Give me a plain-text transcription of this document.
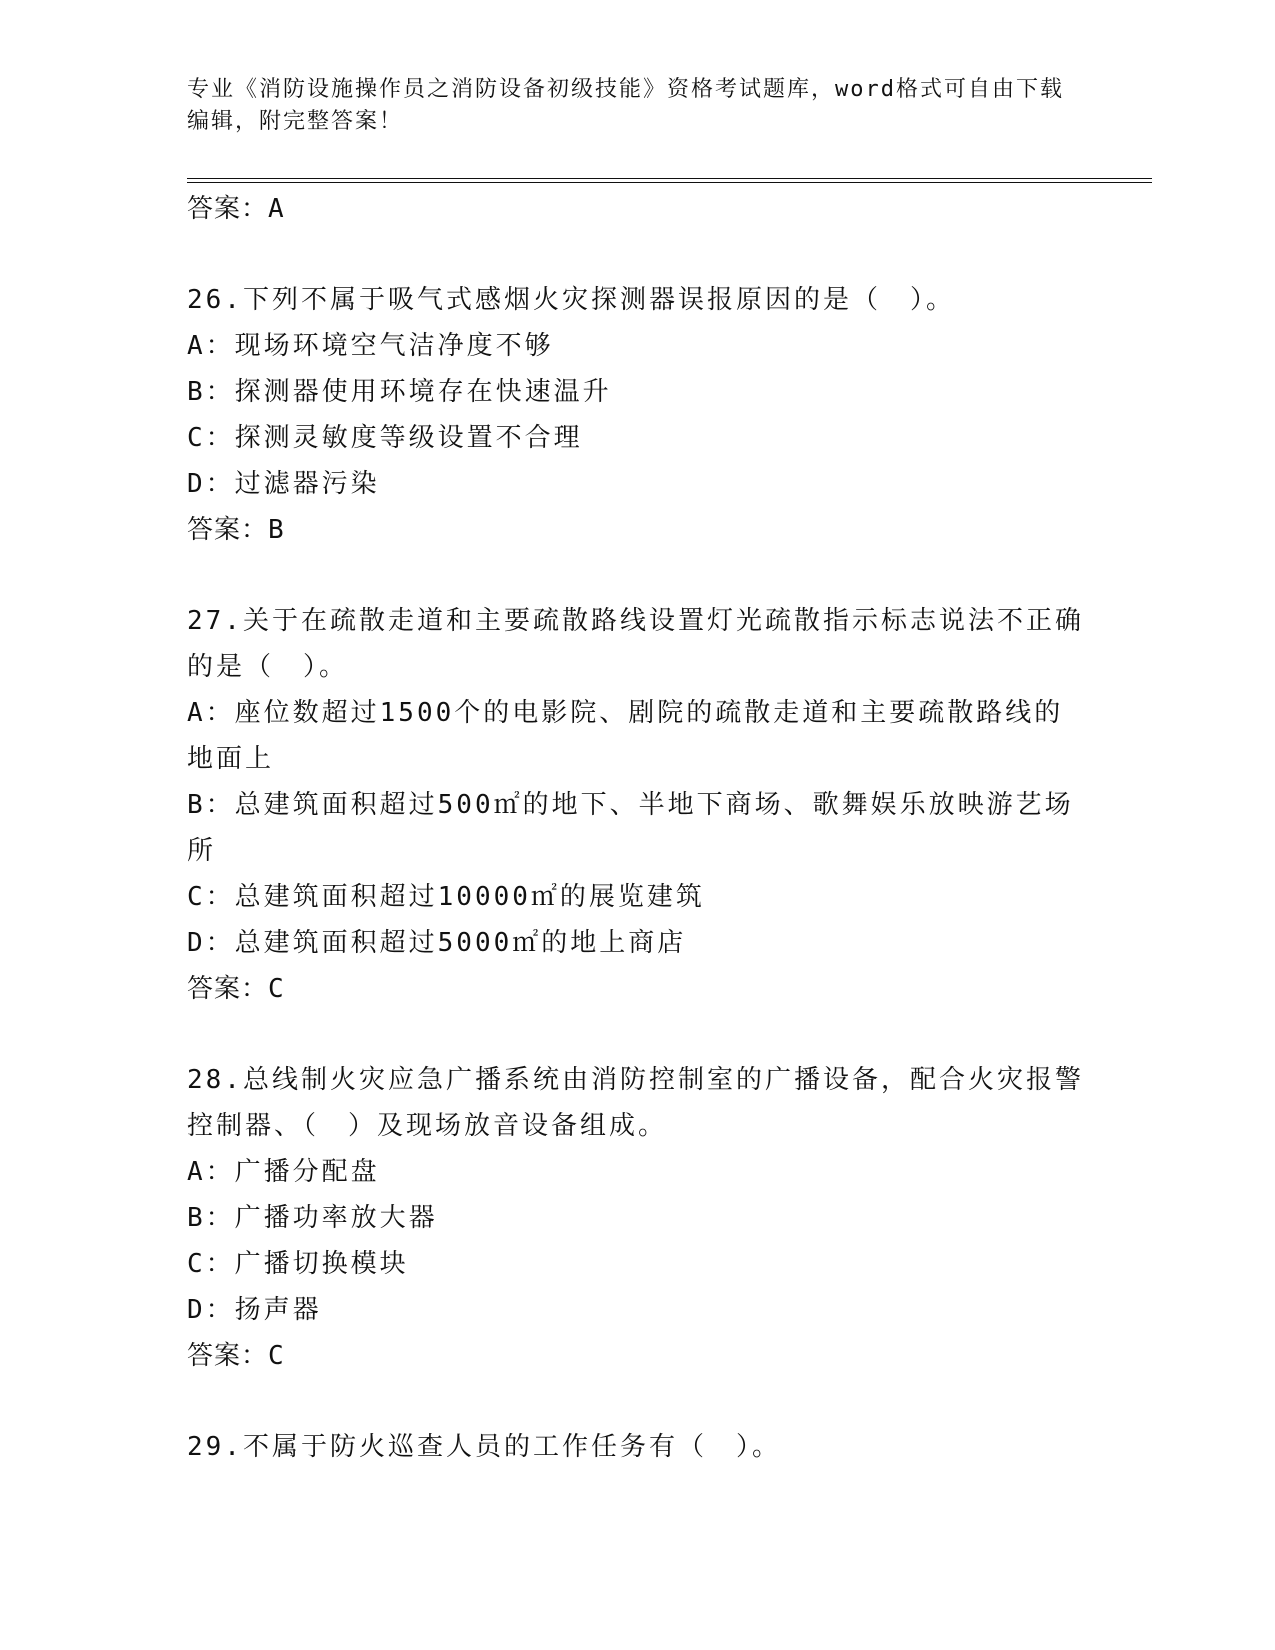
专业《消防设施操作员之消防设备初级技能》资格考试题库，word格式可自由下载编辑，附完整答案！
答案：A
26.下列不属于吸气式感烟火灾探测器误报原因的是（　）。
A：现场环境空气洁净度不够
B：探测器使用环境存在快速温升
C：探测灵敏度等级设置不合理
D：过滤器污染
答案：B
27.关于在疏散走道和主要疏散路线设置灯光疏散指示标志说法不正确的是（　）。
A：座位数超过1500个的电影院、剧院的疏散走道和主要疏散路线的地面上
B：总建筑面积超过500㎡的地下、半地下商场、歌舞娱乐放映游艺场所
C：总建筑面积超过10000㎡的展览建筑
D：总建筑面积超过5000㎡的地上商店
答案：C
28.总线制火灾应急广播系统由消防控制室的广播设备，配合火灾报警控制器、（　）及现场放音设备组成。
A：广播分配盘
B：广播功率放大器
C：广播切换模块
D：扬声器
答案：C
29.不属于防火巡查人员的工作任务有（　）。
